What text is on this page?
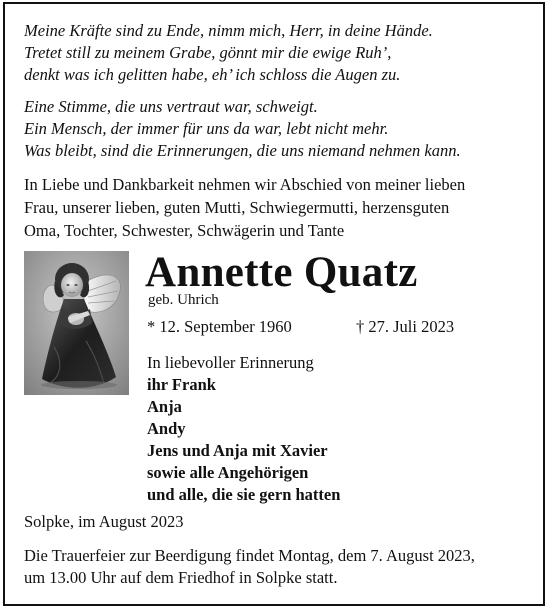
Meine Kräfte sind zu Ende, nimm mich, Herr, in deine Hände.
Tretet still zu meinem Grabe, gönnt mir die ewige Ruh’,
denkt was ich gelitten habe, eh’ ich schloss die Augen zu.
Eine Stimme, die uns vertraut war, schweigt.
Ein Mensch, der immer für uns da war, lebt nicht mehr.
Was bleibt, sind die Erinnerungen, die uns niemand nehmen kann.
In Liebe und Dankbarkeit nehmen wir Abschied von meiner lieben
Frau, unserer lieben, guten Mutti, Schwiegermutti, herzensguten
Oma, Tochter, Schwester, Schwägerin und Tante
Annette Quatz
geb. Uhrich
* 12. September 1960	† 27. Juli 2023
In liebevoller Erinnerung
ihr Frank
Anja
Andy
Jens und Anja mit Xavier
sowie alle Angehörigen
und alle, die sie gern hatten
Solpke, im August 2023
Die Trauerfeier zur Beerdigung findet Montag, dem 7. August 2023,
um 13.00 Uhr auf dem Friedhof in Solpke statt.
